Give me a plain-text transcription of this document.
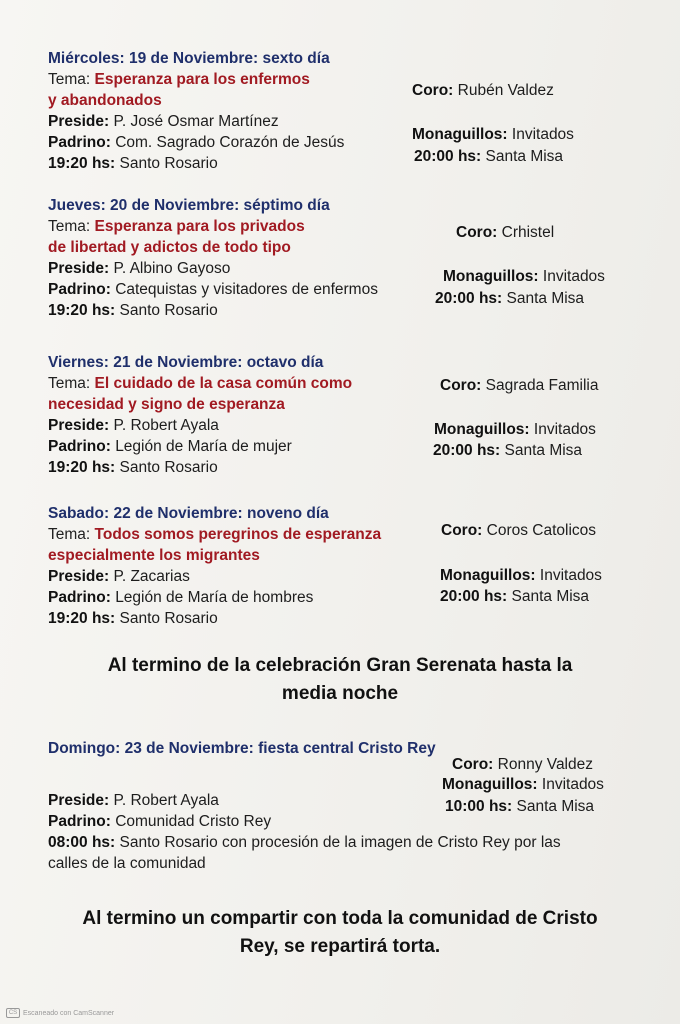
Miércoles: 19 de Noviembre: sexto día
Tema: Esperanza para los enfermos
y abandonados
Preside: P. José Osmar Martínez
Padrino: Com. Sagrado Corazón de Jesús
19:20 hs: Santo Rosario
Coro: Rubén Valdez
Monaguillos: Invitados
20:00 hs: Santa Misa
Jueves: 20 de Noviembre: séptimo día
Tema: Esperanza para los privados
de libertad y adictos de todo tipo
Preside: P. Albino Gayoso
Padrino: Catequistas y visitadores de enfermos
19:20 hs: Santo Rosario
Coro: Crhistel
Monaguillos: Invitados
20:00 hs: Santa Misa
Viernes: 21 de Noviembre: octavo día
Tema: El cuidado de la casa común como
necesidad y signo de esperanza
Preside: P. Robert Ayala
Padrino: Legión de María de mujer
19:20 hs: Santo Rosario
Coro: Sagrada Familia
Monaguillos: Invitados
20:00 hs: Santa Misa
Sabado: 22 de Noviembre: noveno día
Tema: Todos somos peregrinos de esperanza
especialmente los migrantes
Preside: P. Zacarias
Padrino: Legión de María de hombres
19:20 hs: Santo Rosario
Coro: Coros Catolicos
Monaguillos: Invitados
20:00 hs: Santa Misa
Al termino de la celebración Gran Serenata hasta la
media noche
Domingo: 23 de Noviembre: fiesta central Cristo Rey
Coro: Ronny Valdez
Monaguillos: Invitados
10:00 hs: Santa Misa
Preside: P. Robert Ayala
Padrino: Comunidad Cristo Rey
08:00 hs: Santo Rosario con procesión de la imagen de Cristo Rey por las
calles de la comunidad
Al termino un compartir con toda la comunidad de Cristo
Rey, se repartirá torta.
CS Escaneado con CamScanner
